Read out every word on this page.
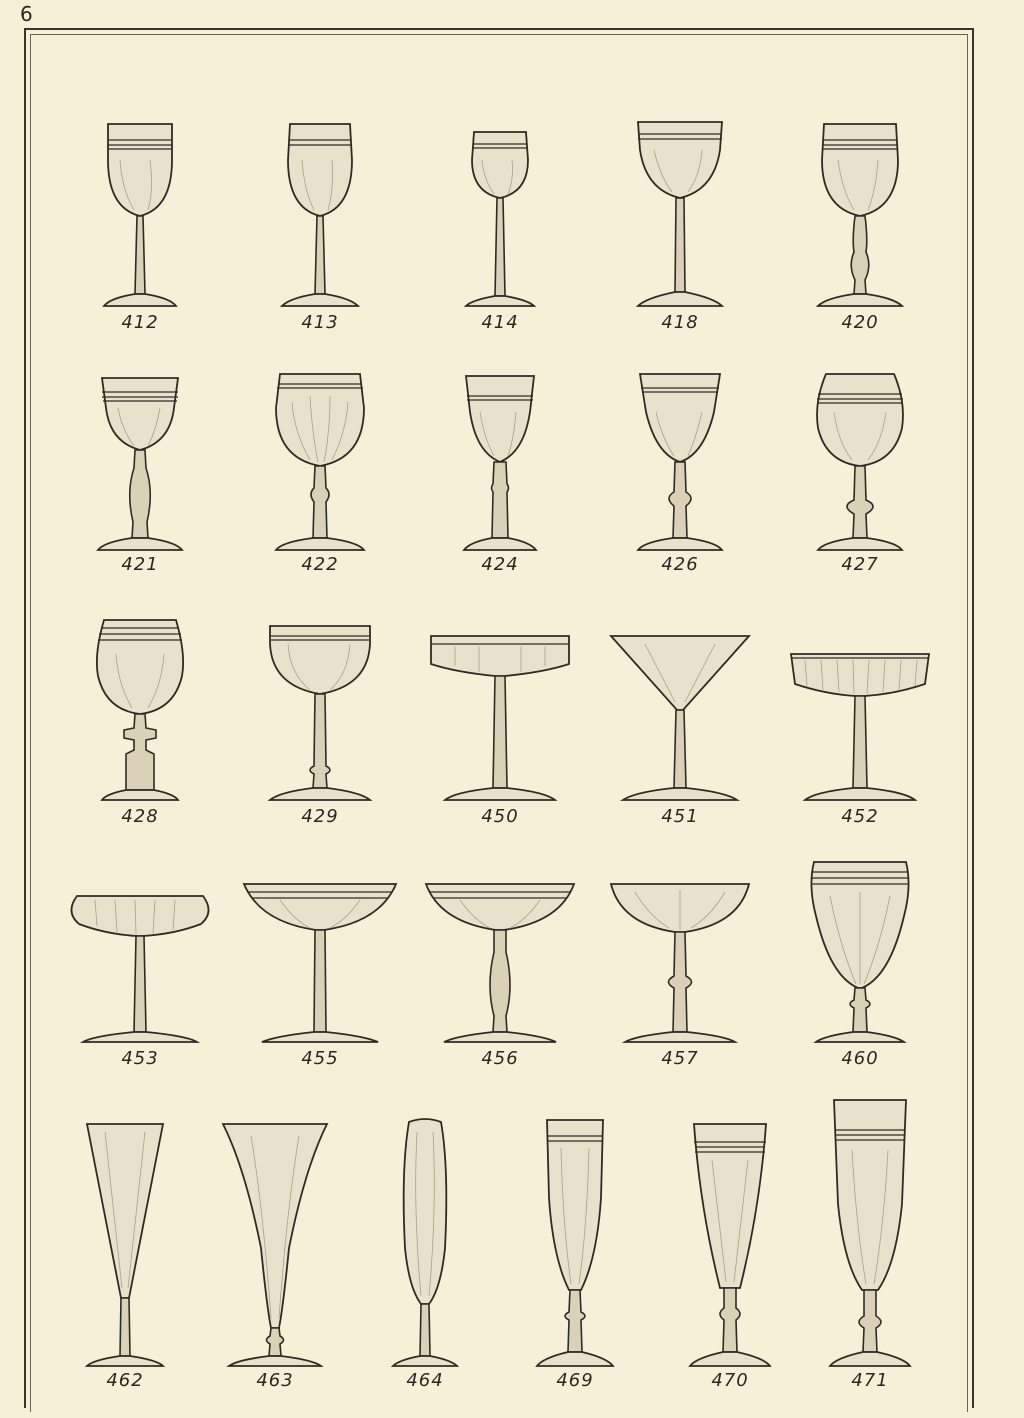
6
412	413	414	418	420
421	422	424	426	427
428	429	450	451	452
453	455	456	457	460
462	463	464	469	470	471
